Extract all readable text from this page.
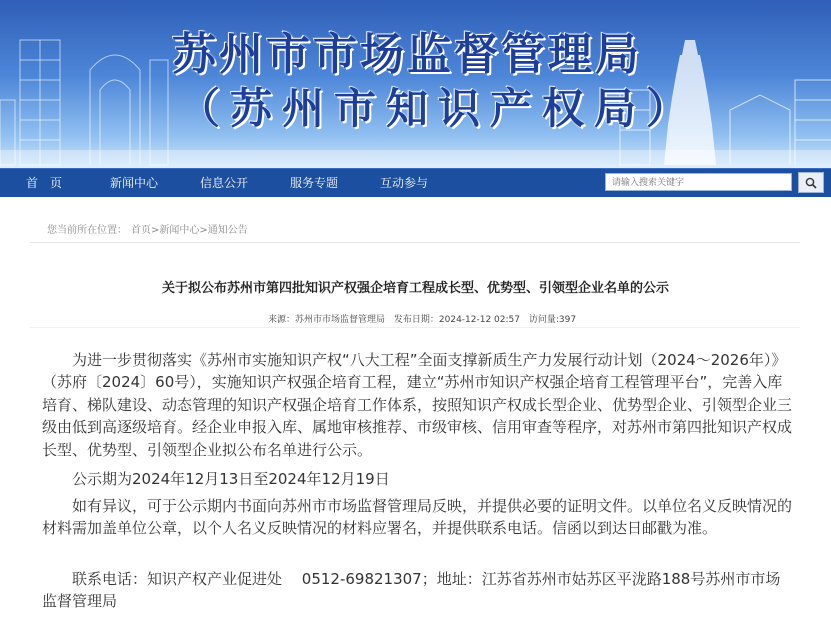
苏州市市场监督管理局
（苏州市知识产权局）
首　页	新闻中心	信息公开	服务专题	互动参与
请输入搜索关键字
您当前所在位置： 首页>新闻中心>通知公告
关于拟公布苏州市第四批知识产权强企培育工程成长型、优势型、引领型企业名单的公示
来源：苏州市市场监督管理局 发布日期：2024-12-12 02:57 访问量:397
为进一步贯彻落实《苏州市实施知识产权“八大工程”全面支撑新质生产力发展行动计划（2024～2026年）》（苏府〔2024〕60号），实施知识产权强企培育工程，建立“苏州市知识产权强企培育工程管理平台”，完善入库培育、梯队建设、动态管理的知识产权强企培育工作体系，按照知识产权成长型企业、优势型企业、引领型企业三级由低到高逐级培育。经企业申报入库、属地审核推荐、市级审核、信用审查等程序，对苏州市第四批知识产权成长型、优势型、引领型企业拟公布名单进行公示。
公示期为2024年12月13日至2024年12月19日
如有异议，可于公示期内书面向苏州市市场监督管理局反映，并提供必要的证明文件。以单位名义反映情况的材料需加盖单位公章，以个人名义反映情况的材料应署名，并提供联系电话。信函以到达日邮戳为准。
联系电话：知识产权产业促进处　 0512-69821307；地址：江苏省苏州市姑苏区平泷路188号苏州市市场监督管理局
